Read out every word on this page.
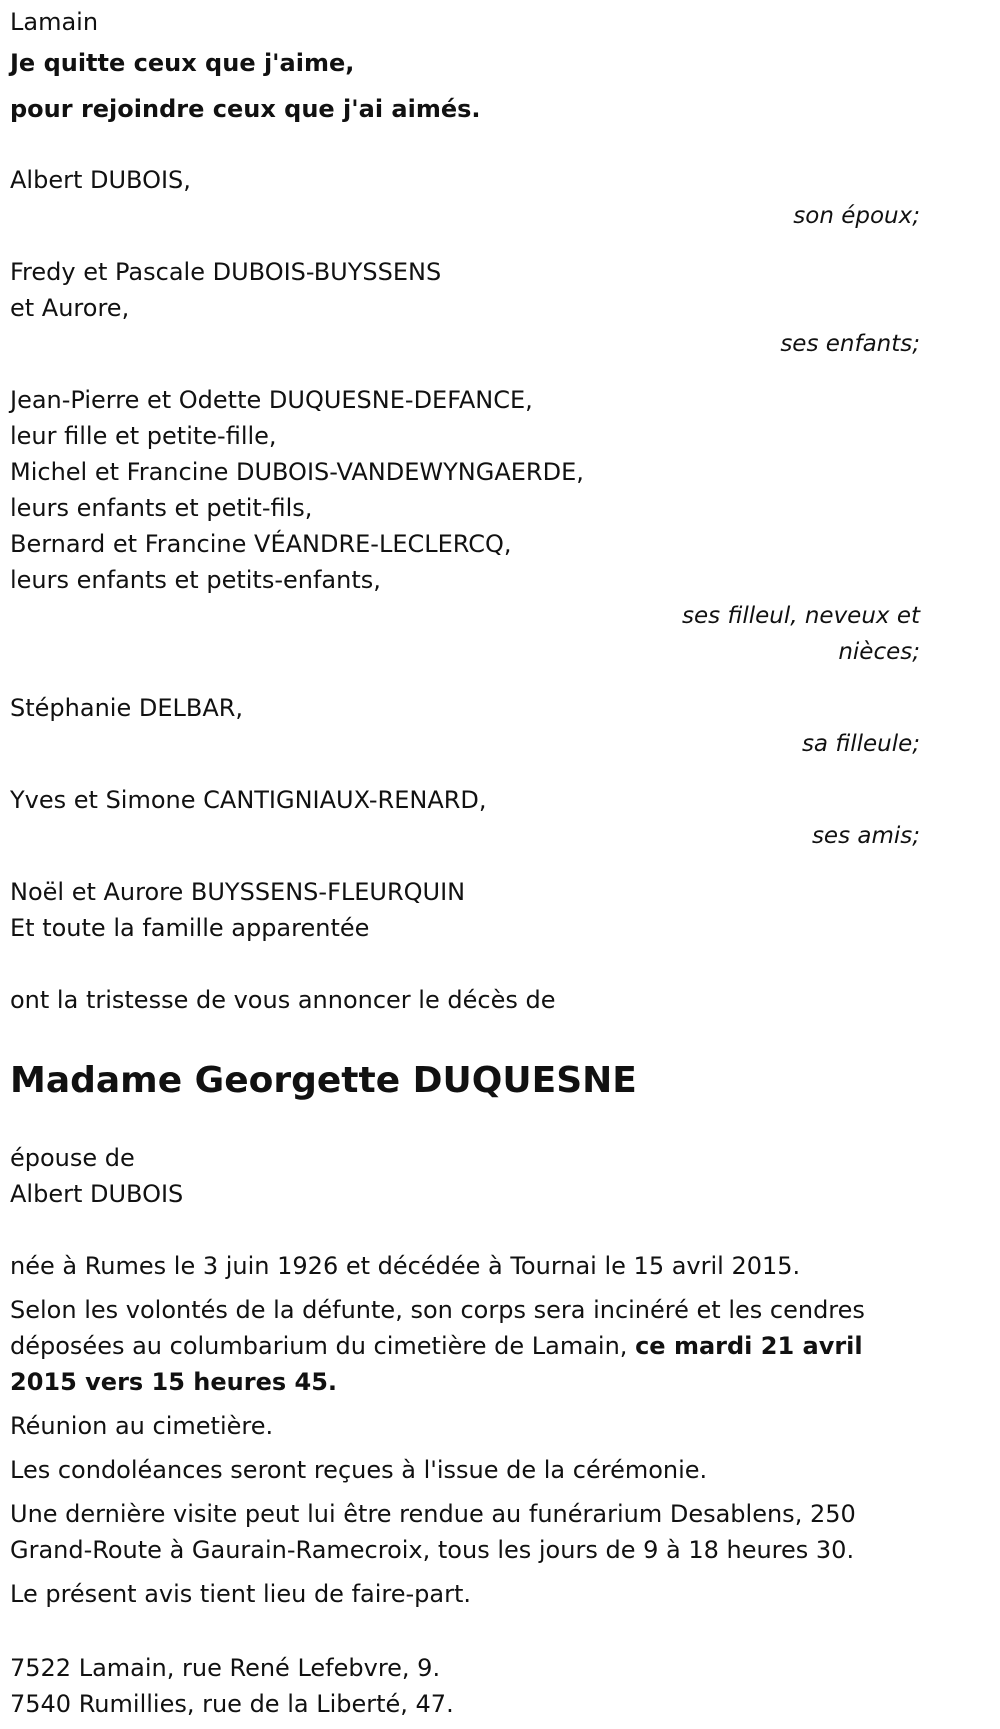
Lamain
Je quitte ceux que j'aime,
pour rejoindre ceux que j'ai aimés.
Albert DUBOIS,
son époux;
Fredy et Pascale DUBOIS-BUYSSENS
et Aurore,
ses enfants;
Jean-Pierre et Odette DUQUESNE-DEFANCE,
leur fille et petite-fille,
Michel et Francine DUBOIS-VANDEWYNGAERDE,
leurs enfants et petit-fils,
Bernard et Francine VÉANDRE-LECLERCQ,
leurs enfants et petits-enfants,
ses filleul, neveux et
nièces;
Stéphanie DELBAR,
sa filleule;
Yves et Simone CANTIGNIAUX-RENARD,
ses amis;
Noël et Aurore BUYSSENS-FLEURQUIN
Et toute la famille apparentée
ont la tristesse de vous annoncer le décès de
Madame Georgette DUQUESNE
épouse de
Albert DUBOIS
née à Rumes le 3 juin 1926 et décédée à Tournai le 15 avril 2015.
Selon les volontés de la défunte, son corps sera incinéré et les cendres
déposées au columbarium du cimetière de Lamain, ce mardi 21 avril
2015 vers 15 heures 45.
Réunion au cimetière.
Les condoléances seront reçues à l'issue de la cérémonie.
Une dernière visite peut lui être rendue au funérarium Desablens, 250
Grand-Route à Gaurain-Ramecroix, tous les jours de 9 à 18 heures 30.
Le présent avis tient lieu de faire-part.
7522 Lamain, rue René Lefebvre, 9.
7540 Rumillies, rue de la Liberté, 47.
